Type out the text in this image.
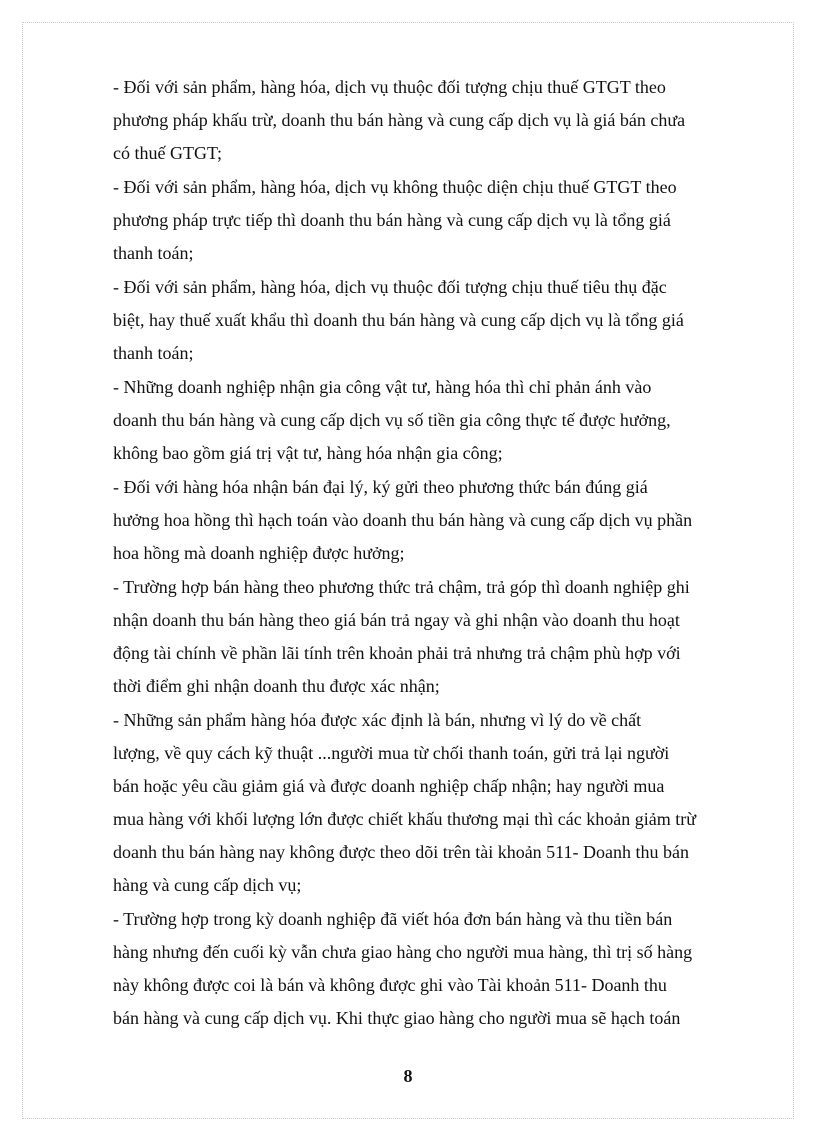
- Đối với sản phẩm, hàng hóa, dịch vụ thuộc đối tượng chịu thuế GTGT theo
phương pháp khấu trừ, doanh thu bán hàng và cung cấp dịch vụ là giá bán chưa
có thuế GTGT;
- Đối với sản phẩm, hàng hóa, dịch vụ không thuộc diện chịu thuế GTGT theo
phương pháp trực tiếp thì doanh thu bán hàng và cung cấp dịch vụ là tổng giá
thanh toán;
- Đối với sản phẩm, hàng hóa, dịch vụ thuộc đối tượng chịu thuế tiêu thụ đặc
biệt, hay thuế xuất khẩu thì doanh thu bán hàng và cung cấp dịch vụ là tổng giá
thanh toán;
- Những doanh nghiệp nhận gia công vật tư, hàng hóa thì chỉ phản ánh vào
doanh thu bán hàng và cung cấp dịch vụ số tiền gia công thực tế được hưởng,
không bao gồm giá trị vật tư, hàng hóa nhận gia công;
- Đối với hàng hóa nhận bán đại lý, ký gửi theo phương thức bán đúng giá
hưởng hoa hồng thì hạch toán vào doanh thu bán hàng và cung cấp dịch vụ phần
hoa hồng mà doanh nghiệp được hưởng;
- Trường hợp bán hàng theo phương thức trả chậm, trả góp thì doanh nghiệp ghi
nhận doanh thu bán hàng theo giá bán trả ngay và ghi nhận vào doanh thu hoạt
động tài chính về phần lãi tính trên khoản phải trả nhưng trả chậm phù hợp với
thời điểm ghi nhận doanh thu được xác nhận;
- Những sản phẩm hàng hóa được xác định là bán, nhưng vì lý do về chất
lượng, về quy cách kỹ thuật ...người mua từ chối thanh toán, gửi trả lại người
bán hoặc yêu cầu giảm giá và được doanh nghiệp chấp nhận; hay người mua
mua hàng với khối lượng lớn được chiết khấu thương mại thì các khoản giảm trừ
doanh thu bán hàng nay không được theo dõi trên tài khoản 511- Doanh thu bán
hàng và cung cấp dịch vụ;
- Trường hợp trong kỳ doanh nghiệp đã viết hóa đơn bán hàng và thu tiền bán
hàng nhưng đến cuối kỳ vẫn chưa giao hàng cho người mua hàng, thì trị số hàng
này không được coi là bán và không được ghi vào Tài khoản 511- Doanh thu
bán hàng và cung cấp dịch vụ. Khi thực giao hàng cho người mua sẽ hạch toán
8
